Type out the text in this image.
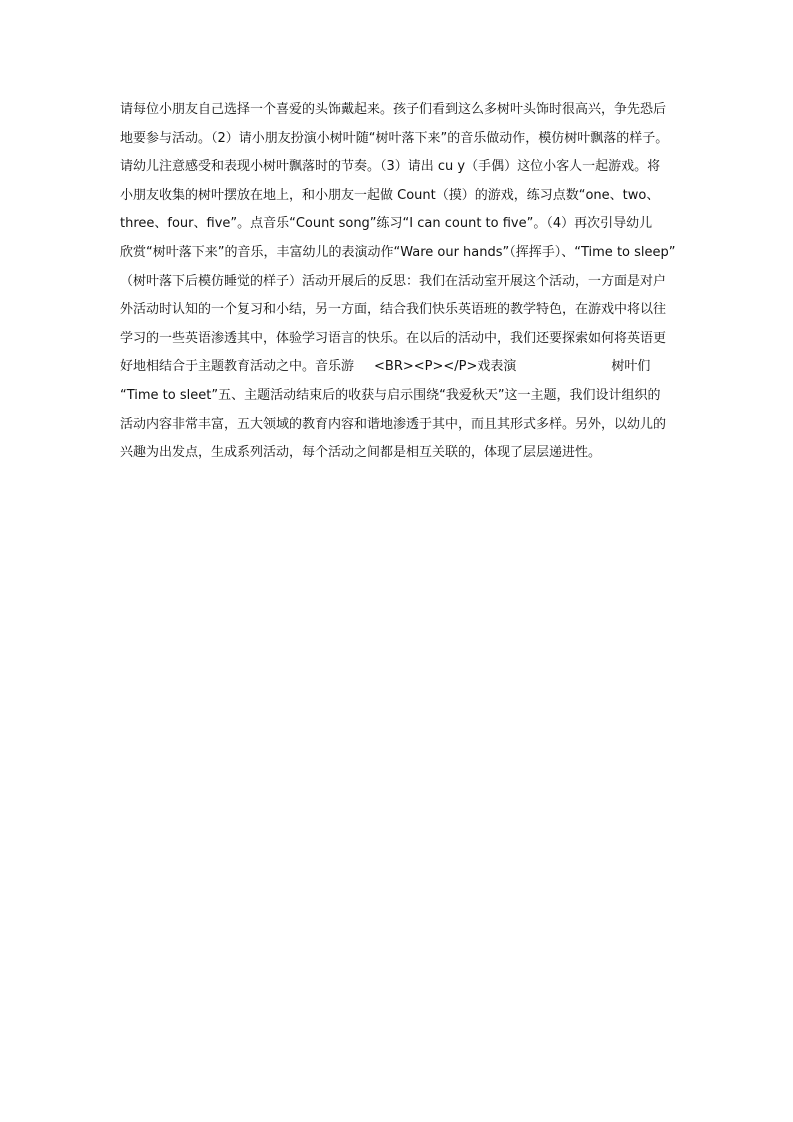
请每位小朋友自己选择一个喜爱的头饰戴起来。孩子们看到这么多树叶头饰时很高兴，争先恐后
地要参与活动。（2）请小朋友扮演小树叶随“树叶落下来”的音乐做动作，模仿树叶飘落的样子。
请幼儿注意感受和表现小树叶飘落时的节奏。（3）请出 cu y（手偶）这位小客人一起游戏。将
小朋友收集的树叶摆放在地上，和小朋友一起做 Count（摸）的游戏，练习点数“one、two、
three、four、five”。点音乐“Count song”练习“I can count to five”。（4）再次引导幼儿
欣赏“树叶落下来”的音乐，丰富幼儿的表演动作“Ware our hands”（挥挥手）、“Time to sleep”
（树叶落下后模仿睡觉的样子）活动开展后的反思：我们在活动室开展这个活动，一方面是对户
外活动时认知的一个复习和小结，另一方面，结合我们快乐英语班的教学特色，在游戏中将以往
学习的一些英语渗透其中，体验学习语言的快乐。在以后的活动中，我们还要探索如何将英语更
好地相结合于主题教育活动之中。音乐游 <BR><P></P>戏表演	树叶们
“Time to sleet”五、主题活动结束后的收获与启示围绕“我爱秋天”这一主题，我们设计组织的
活动内容非常丰富，五大领域的教育内容和谐地渗透于其中，而且其形式多样。另外，以幼儿的
兴趣为出发点，生成系列活动，每个活动之间都是相互关联的，体现了层层递进性。
